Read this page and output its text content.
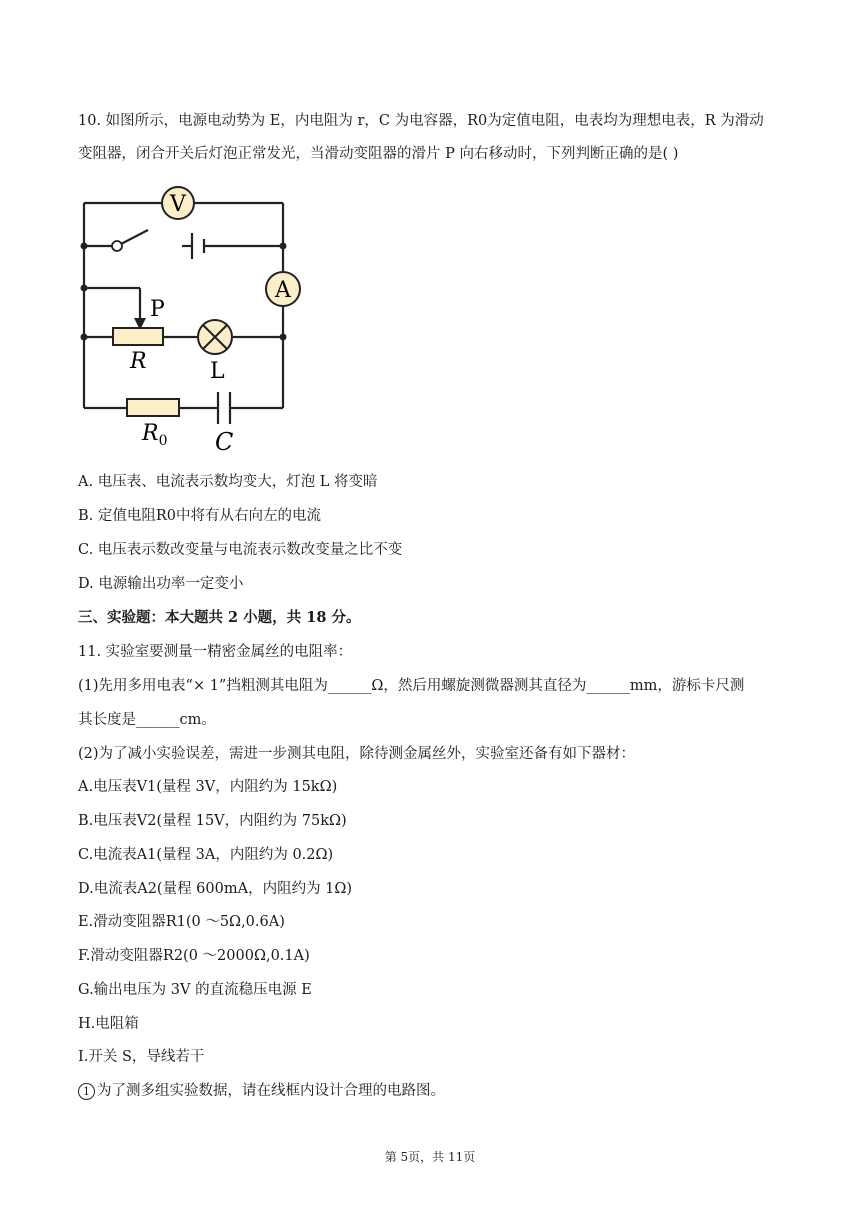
10. 如图所示，电源电动势为 E，内电阻为 r，C 为电容器，R0为定值电阻，电表均为理想电表，R 为滑动
变阻器，闭合开关后灯泡正常发光，当滑动变阻器的滑片 P 向右移动时，下列判断正确的是( )
V
A
P
R	L
$R_0$ C
A. 电压表、电流表示数均变大，灯泡 L 将变暗
B. 定值电阻R0中将有从右向左的电流
C. 电压表示数改变量与电流表示数改变量之比不变
D. 电源输出功率一定变小
三、实验题：本大题共 2 小题，共 18 分。
11. 实验室要测量一精密金属丝的电阻率：
(1)先用多用电表“× 1”挡粗测其电阻为______Ω，然后用螺旋测微器测其直径为______mm，游标卡尺测
其长度是______cm。
(2)为了减小实验误差，需进一步测其电阻，除待测金属丝外，实验室还备有如下器材：
A.电压表V1(量程 3V，内阻约为 15kΩ)
B.电压表V2(量程 15V，内阻约为 75kΩ)
C.电流表A1(量程 3A，内阻约为 0.2Ω)
D.电流表A2(量程 600mA，内阻约为 1Ω)
E.滑动变阻器R1(0 ～5Ω,0.6A)
F.滑动变阻器R2(0 ～2000Ω,0.1A)
G.输出电压为 3V 的直流稳压电源 E
H.电阻箱
I.开关 S，导线若干
1 为了测多组实验数据，请在线框内设计合理的电路图。
第 5页，共 11页
